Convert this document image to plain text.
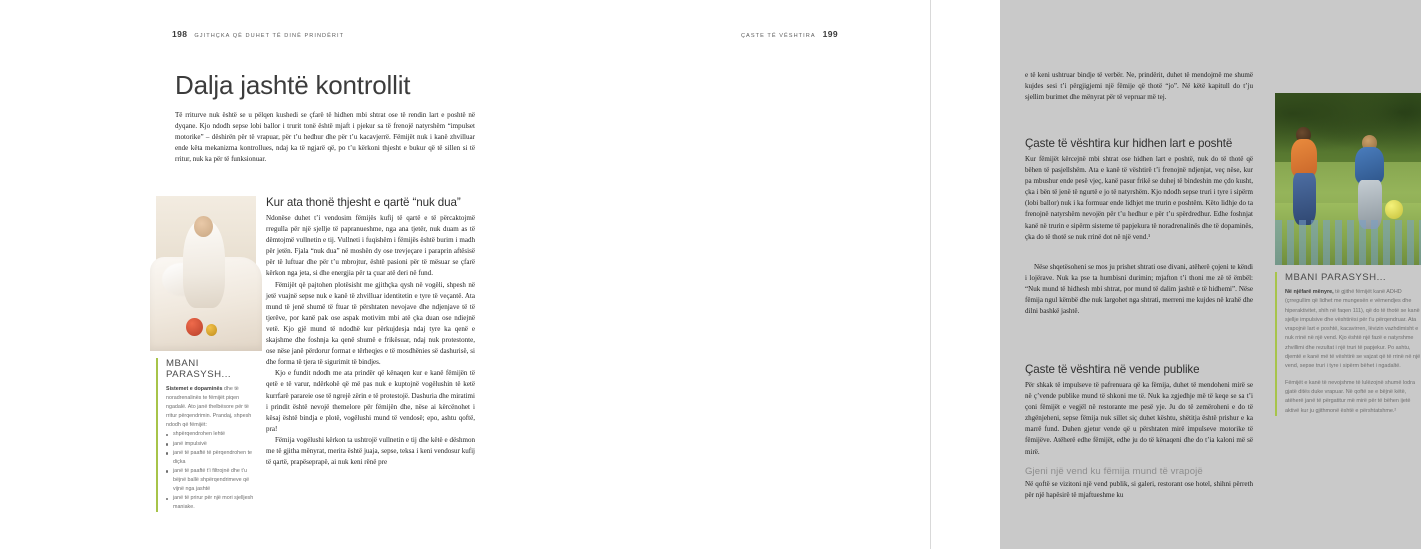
198 GJITHÇKA QË DUHET TË DINË PRINDËRIT
Dalja jashtë kontrollit

Të rriturve nuk është se u pëlqen kushedi se çfarë të hidhen mbi shtrat ose të rendin lart e poshtë në dyqane. Kjo ndodh sepse lobi ballor i trurit tonë është mjaft i pjekur sa të frenojë natyrshëm “impulset motorike” – dëshirën për të vrapuar, për t’u hedhur dhe për t’u kacavjerrë. Fëmijët nuk i kanë zhvilluar ende këta mekanizma kontrollues, ndaj ka të ngjarë që, po t’u kërkoni thjesht e bukur që të sillen si të rritur, nuk ka për të funksionuar.

Kur ata thonë thjesht e qartë “nuk dua”

Ndonëse duhet t’i vendosim fëmijës kufij të qartë e të përcaktojmë rregulla për një sjellje të papranueshme, nga ana tjetër, nuk duam as të dëmtojmë vullnetin e tij. Vullneti i fuqishëm i fëmijës është burim i madh për jetën. Fjala “nuk dua” në moshën dy ose trevjeçare i paraprin aftësisë për të luftuar dhe për t’u mbrojtur, është pasioni për të mësuar se çfarë kërkon nga jeta, si dhe energjia për ta çuar atë deri në fund.

Fëmijët që pajtohen plotësisht me gjithçka qysh në vogëli, shpesh në jetë vuajnë sepse nuk e kanë të zhvilluar identitetin e tyre të veçantë. Ata mund të jenë shumë të ftuar të përshtaten nevojave dhe ndjenjave të të tjerëve, por kanë pak ose aspak motivim mbi atë çka duan ose ndiejnë vetë. Kjo gjë mund të ndodhë kur përkujdesja ndaj tyre ka qenë e skajshme dhe foshnja ka qenë shumë e frikësuar, ndaj nuk protestonte, ose nëse janë përdorur format e tërheqjes e të mosdhënies së dashurisë, si dhe forma të tjera të sigurimit të bindjes.

Kjo e fundit ndodh me ata prindër që kënaqen kur e kanë fëmijën të qetë e të varur, ndërkohë që më pas nuk e kuptojnë vogëlushin të ketë kurrfarë parareie ose të ngrejë zërin e të protestojë. Dashuria dhe miratimi i prindit është nevojë themelore për fëmijën dhe, nëse ai kërcënohet i kësaj është bindja e plotë, vogëlushi mund të vendosë; epo, ashtu qoftë, pra!

Fëmija vogëlushi kërkon ta ushtrojë vullnetin e tij dhe këtë e dëshmon me të gjitha mënyrat, merita është juaja, sepse, teksa i keni vendosur kufij të qartë, prapëseprapë, ai nuk keni rënë pre

MBANI PARASYSH...

Sistemet e dopaminës dhe të noradrenalinës te fëmijët piqen ngadalë. Ato janë thelbësore për të rritur përqendrimin. Prandaj, shpesh ndodh që fëmijët:

shpërqendrohen lehtë
janë impulsivë
janë të paaftë të përqendrohen te diçka
janë të paaftë t’i filtrojnë dhe t’u bëjnë ballë shpërqendrimeve që vijnë nga jashtë
janë të prirur për një mori sjelljesh maniake.
ÇASTE TË VËSHTIRA 199

e të keni ushtruar bindje të verbër. Ne, prindërit, duhet të mendojmë me shumë kujdes sesi t’i përgjigjemi një fëmije që thotë “jo”. Në këtë kapitull do t’ju sjellim burimet dhe mënyrat për të vepruar më tej.

Çaste të vështira kur hidhen lart e poshtë

Kur fëmijët kërcejnë mbi shtrat ose hidhen lart e poshtë, nuk do të thotë që bëhen të pasjellshëm. Ata e kanë të vështirë t’i frenojnë ndjenjat, veç nëse, kur pa mbushur ende pesë vjeç, kanë pasur frikë se duhej të bindeshin me çdo kusht, çka i bën të jenë të ngurtë e jo të natyrshëm. Kjo ndodh sepse truri i tyre i sipërm (lobi ballor) nuk i ka formuar ende lidhjet me trurin e poshtëm. Këto lidhje do ta frenojnë natyrshëm nevojën për t’u hedhur e për t’u spërdredhur. Edhe foshnjat kanë në trurin e sipërm sisteme të papjekura të noradrenalinës dhe të dopaminës, çka do të thotë se nuk rrinë dot në një vend.¹

Nëse shqetësoheni se mos ju prishet shtrati ose divani, atëherë çojeni te këndi i lojërave. Nuk ka pse ta humbisni durimin; mjafton t’i thoni me zë të ëmbël: “Nuk mund të hidhesh mbi shtrat, por mund të dalim jashtë e të hidhemi”. Nëse fëmija ngul këmbë dhe nuk largohet nga shtrati, merreni me kujdes në krahë dhe dilni bashkë jashtë.

Çaste të vështira në vende publike

Për shkak të impulseve të pafrenuara që ka fëmija, duhet të mendoheni mirë se në ç’vende publike mund të shkoni me të. Nuk ka zgjedhje më të keqe se sa t’i çoni fëmijët e vegjël në restorante me pesë yje. Ju do të zemëroheni e do të zhgënjeheni, sepse fëmija nuk sillet siç duhet kështu, shëtitja është prishur e ka marrë fund. Duhen gjetur vende që u përshtaten mirë impulseve motorike të fëmijëve. Atëherë edhe fëmijët, edhe ju do të kënaqeni dhe do t’ia kaloni më së mirë.

Gjeni një vend ku fëmija mund të vrapojë

Në qoftë se vizitoni një vend publik, si galeri, restorant ose hotel, shihni përreth për një hapësirë të mjaftueshme ku

MBANI PARASYSH...

Në njëfarë mënyre, të gjithë fëmijët kanë ADHD (çrregullim që lidhet me mungesën e vëmendjes dhe hiperaktivitet, shih në faqen 111), që do të thotë se kanë sjellje impulsive dhe vështirësi për t’u përqendruar. Ata vrapojnë lart e poshtë, kacavirren, lëvizin vazhdimisht e nuk rrinë në një vend. Kjo është një fazë e natyrshme zhvillimi dhe rezultat i një truri të papjekur. Po ashtu, djemtë e kanë më të vështirë se vajzat që të rrinë në një vend, sepse truri i tyre i sipërm bëhet i ngadaltë.

Fëmijët e kanë të nevojshme të lulëzojnë shumë lodra gjatë ditës duke vrapuar. Në qoftë se e bëjnë këtë, atëherë janë të përgatitur më mirë për të bëhen ijetë aktivë kur ju gjithmonë është e përshtatshme.²
